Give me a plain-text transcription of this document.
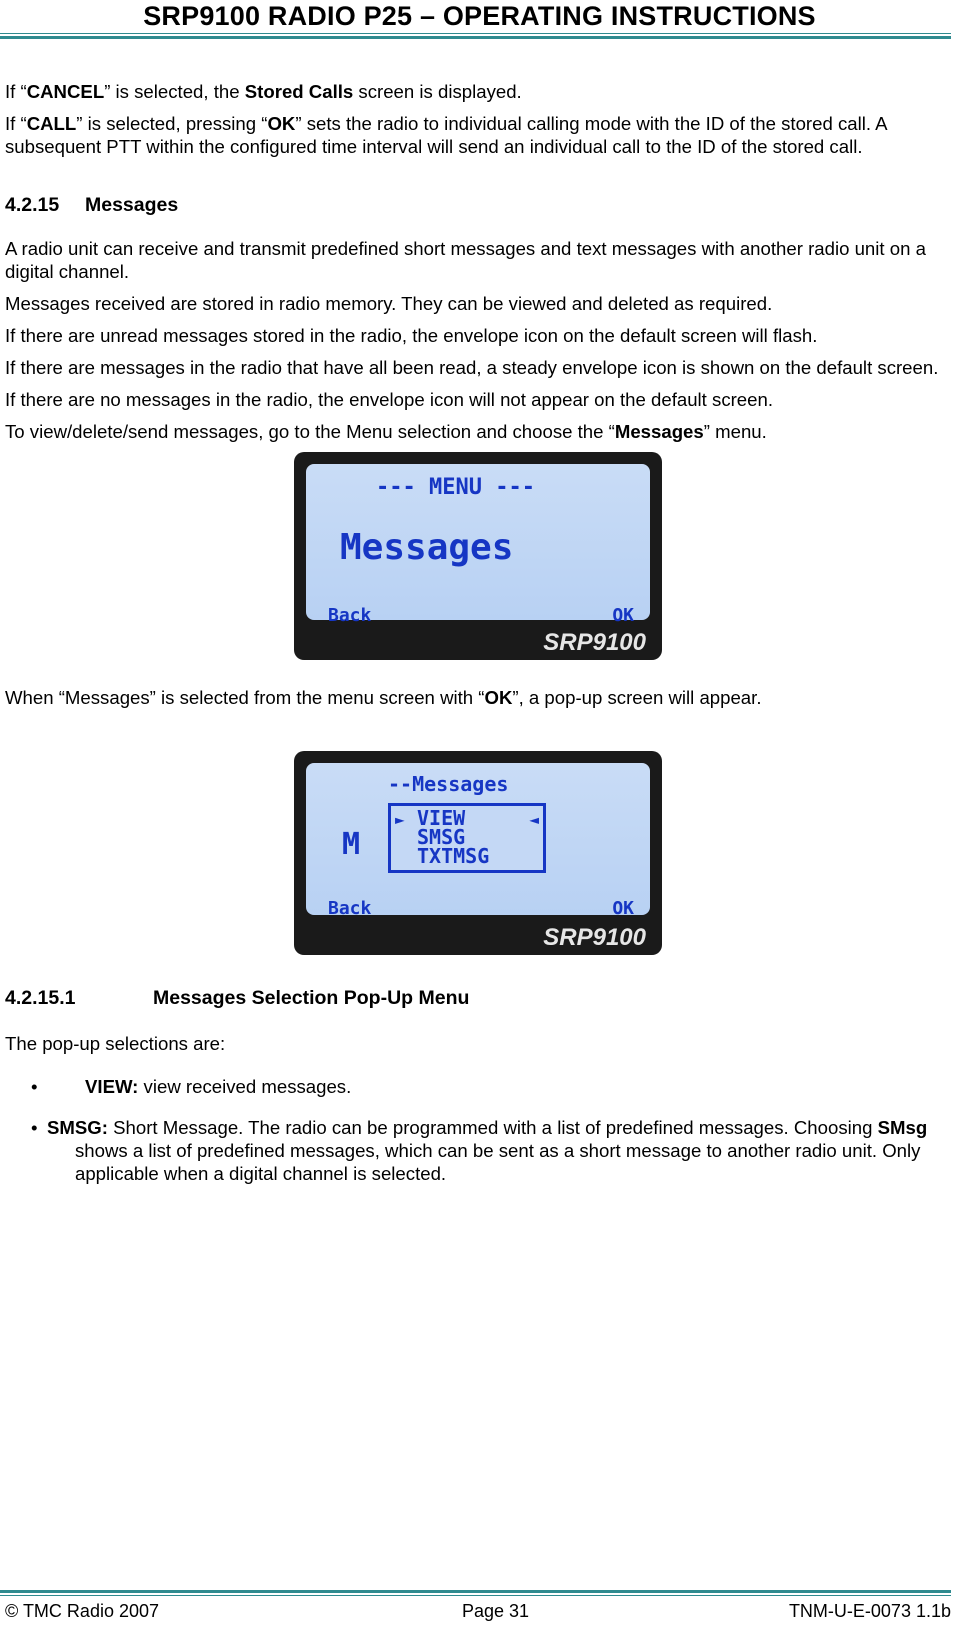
SRP9100 RADIO P25 – OPERATING INSTRUCTIONS

If “CANCEL” is selected, the Stored Calls screen is displayed.

If “CALL” is selected, pressing “OK” sets the radio to individual calling mode with the ID of the stored call. A subsequent PTT within the configured time interval will send an individual call to the ID of the stored call.

4.2.15 Messages

A radio unit can receive and transmit predefined short messages and text messages with another radio unit on a digital channel.

Messages received are stored in radio memory. They can be viewed and deleted as required.

If there are unread messages stored in the radio, the envelope icon on the default screen will flash.

If there are messages in the radio that have all been read, a steady envelope icon is shown on the default screen.

If there are no messages in the radio, the envelope icon will not appear on the default screen.

To view/delete/send messages, go to the Menu selection and choose the “Messages” menu.

--- MENU ---
Messages
Back	OK
SRP9100

When “Messages” is selected from the menu screen with “OK”, a pop-up screen will appear.

--Messages
M
►	◄
VIEW
SMSG
TXTMSG
Back	OK
SRP9100
4.2.15.1	Messages Selection Pop-Up Menu

The pop-up selections are:

•	VIEW: view received messages.
• SMSG: Short Message. The radio can be programmed with a list of predefined messages. Choosing SMsg shows a list of predefined messages, which can be sent as a short message to another radio unit. Only applicable when a digital channel is selected.
© TMC Radio 2007	Page 31	TNM-U-E-0073 1.1b
